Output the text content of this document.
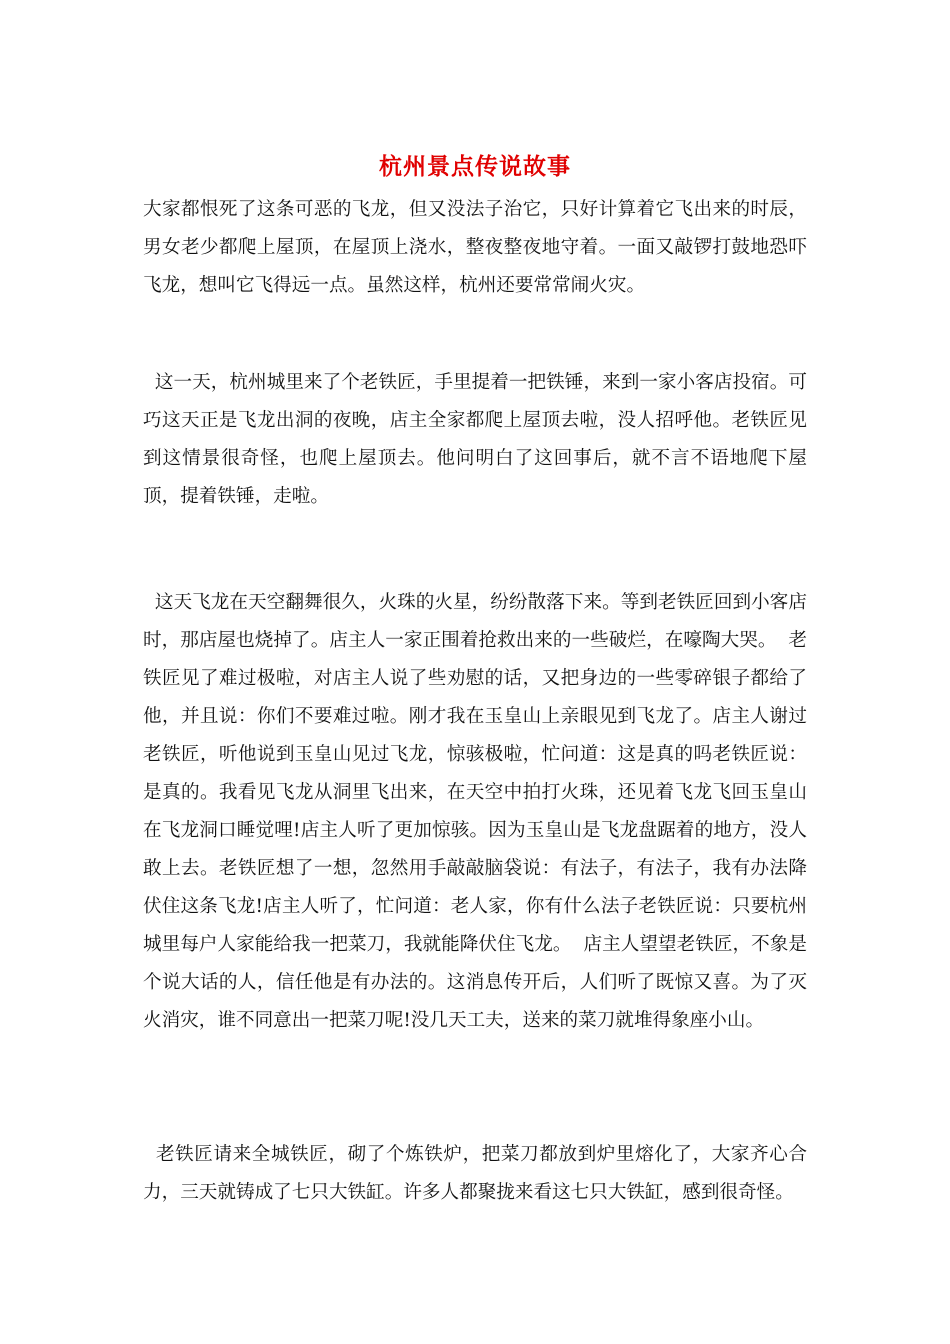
杭州景点传说故事
大家都恨死了这条可恶的飞龙，但又没法子治它，只好计算着它飞出来的时辰，男女老少都爬上屋顶，在屋顶上浇水，整夜整夜地守着。一面又敲锣打鼓地恐吓飞龙，想叫它飞得远一点。虽然这样，杭州还要常常闹火灾。
这一天，杭州城里来了个老铁匠，手里提着一把铁锤，来到一家小客店投宿。可巧这天正是飞龙出洞的夜晚，店主全家都爬上屋顶去啦，没人招呼他。老铁匠见到这情景很奇怪，也爬上屋顶去。他问明白了这回事后，就不言不语地爬下屋顶，提着铁锤，走啦。
这天飞龙在天空翻舞很久，火珠的火星，纷纷散落下来。等到老铁匠回到小客店时，那店屋也烧掉了。店主人一家正围着抢救出来的一些破烂，在嚎陶大哭。  老铁匠见了难过极啦，对店主人说了些劝慰的话，又把身边的一些零碎银子都给了他，并且说：你们不要难过啦。刚才我在玉皇山上亲眼见到飞龙了。店主人谢过老铁匠，听他说到玉皇山见过飞龙，惊骇极啦，忙问道：这是真的吗老铁匠说：是真的。我看见飞龙从洞里飞出来，在天空中拍打火珠，还见着飞龙飞回玉皇山在飞龙洞口睡觉哩!店主人听了更加惊骇。因为玉皇山是飞龙盘踞着的地方，没人敢上去。老铁匠想了一想，忽然用手敲敲脑袋说：有法子，有法子，我有办法降伏住这条飞龙!店主人听了，忙问道：老人家，你有什么法子老铁匠说：只要杭州城里每户人家能给我一把菜刀，我就能降伏住飞龙。  店主人望望老铁匠，不象是个说大话的人，信任他是有办法的。这消息传开后，人们听了既惊又喜。为了灭火消灾，谁不同意出一把菜刀呢!没几天工夫，送来的菜刀就堆得象座小山。
老铁匠请来全城铁匠，砌了个炼铁炉，把菜刀都放到炉里熔化了，大家齐心合力，三天就铸成了七只大铁缸。许多人都聚拢来看这七只大铁缸，感到很奇怪。
